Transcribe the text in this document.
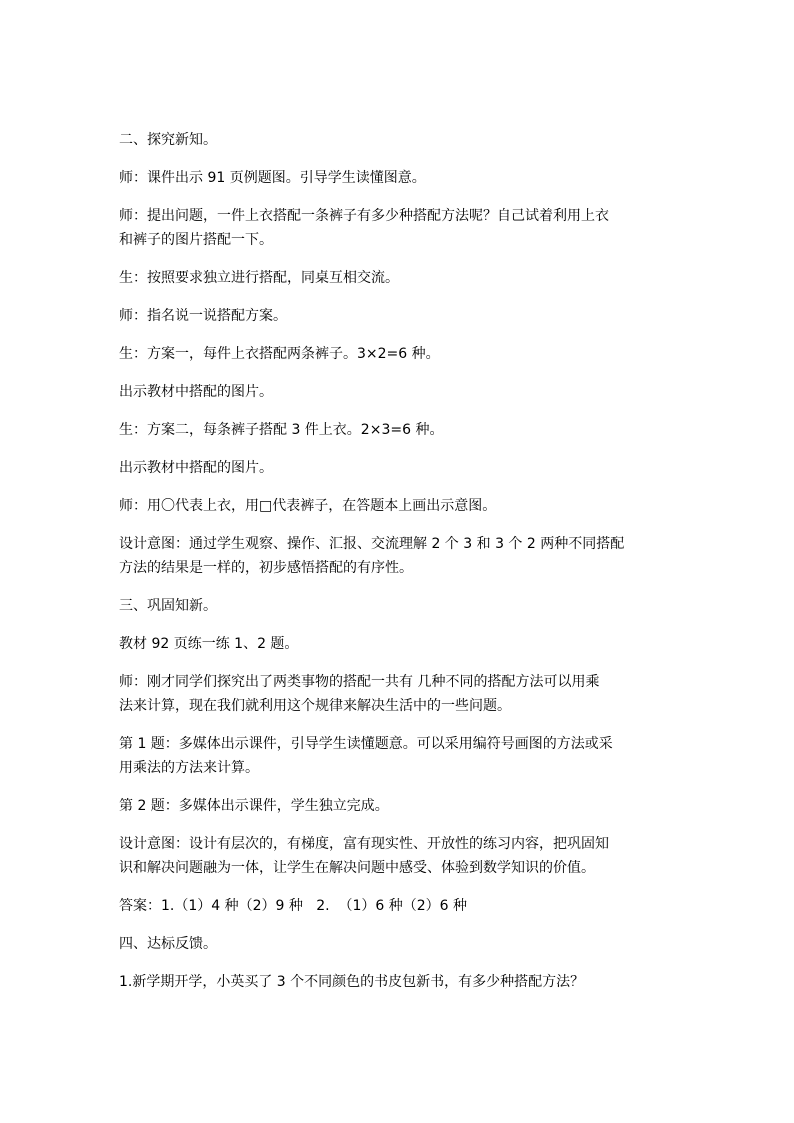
二、探究新知。

师：课件出示 91 页例题图。引导学生读懂图意。

师：提出问题，一件上衣搭配一条裤子有多少种搭配方法呢？自己试着利用上衣
和裤子的图片搭配一下。

生：按照要求独立进行搭配，同桌互相交流。

师：指名说一说搭配方案。

生：方案一，每件上衣搭配两条裤子。3×2=6 种。

出示教材中搭配的图片。

生：方案二，每条裤子搭配 3 件上衣。2×3=6 种。

出示教材中搭配的图片。

师：用〇代表上衣，用□代表裤子，在答题本上画出示意图。

设计意图：通过学生观察、操作、汇报、交流理解 2 个 3 和 3 个 2 两种不同搭配
方法的结果是一样的，初步感悟搭配的有序性。

三、巩固知新。

教材 92 页练一练 1、2 题。

师：刚才同学们探究出了两类事物的搭配一共有 几种不同的搭配方法可以用乘
法来计算，现在我们就利用这个规律来解决生活中的一些问题。

第 1 题：多媒体出示课件，引导学生读懂题意。可以采用编符号画图的方法或采
用乘法的方法来计算。

第 2 题：多媒体出示课件，学生独立完成。

设计意图：设计有层次的，有梯度，富有现实性、开放性的练习内容，把巩固知
识和解决问题融为一体，让学生在解决问题中感受、体验到数学知识的价值。

答案：1.（1）4 种（2）9 种   2.  （1）6 种（2）6 种

四、达标反馈。

1.新学期开学，小英买了 3 个不同颜色的书皮包新书，有多少种搭配方法？
